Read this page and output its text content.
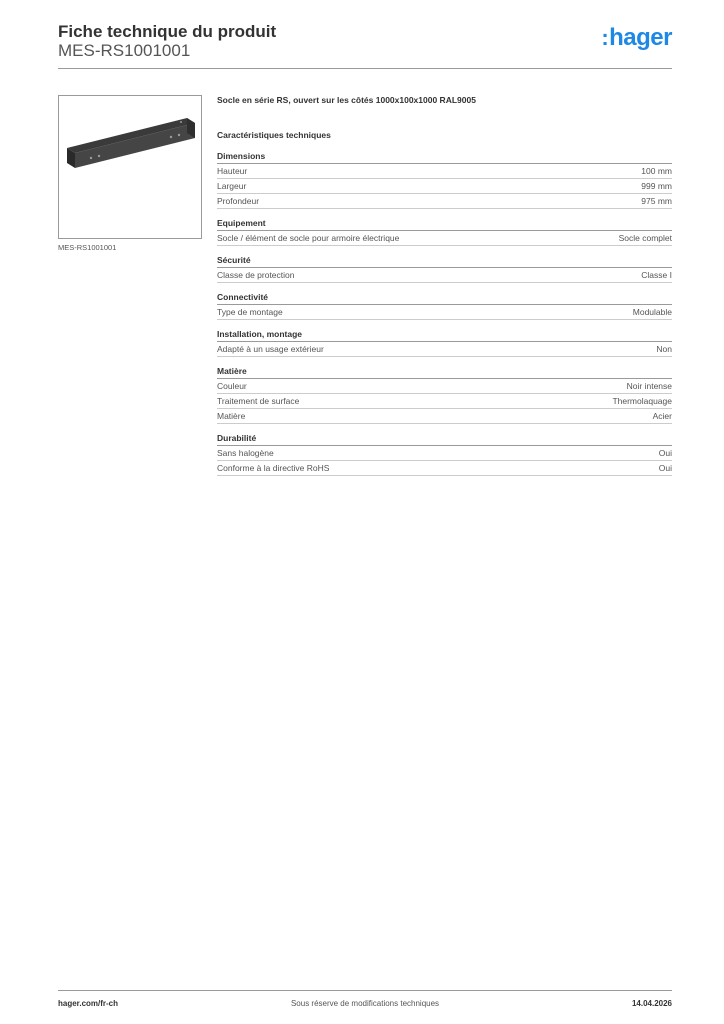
Fiche technique du produit
MES-RS1001001
:hager
MES-RS1001001
Socle en série RS, ouvert sur les côtés 1000x100x1000 RAL9005
Caractéristiques techniques
Dimensions
Hauteur	100 mm
Largeur	999 mm
Profondeur	975 mm
Equipement
Socle / élément de socle pour armoire électrique	Socle complet
Sécurité
Classe de protection	Classe I
Connectivité
Type de montage	Modulable
Installation, montage
Adapté à un usage extérieur	Non
Matière
Couleur	Noir intense
Traitement de surface	Thermolaquage
Matière	Acier
Durabilité
Sans halogène	Oui
Conforme à la directive RoHS	Oui
hager.com/fr-ch	Sous réserve de modifications techniques	14.04.2026
